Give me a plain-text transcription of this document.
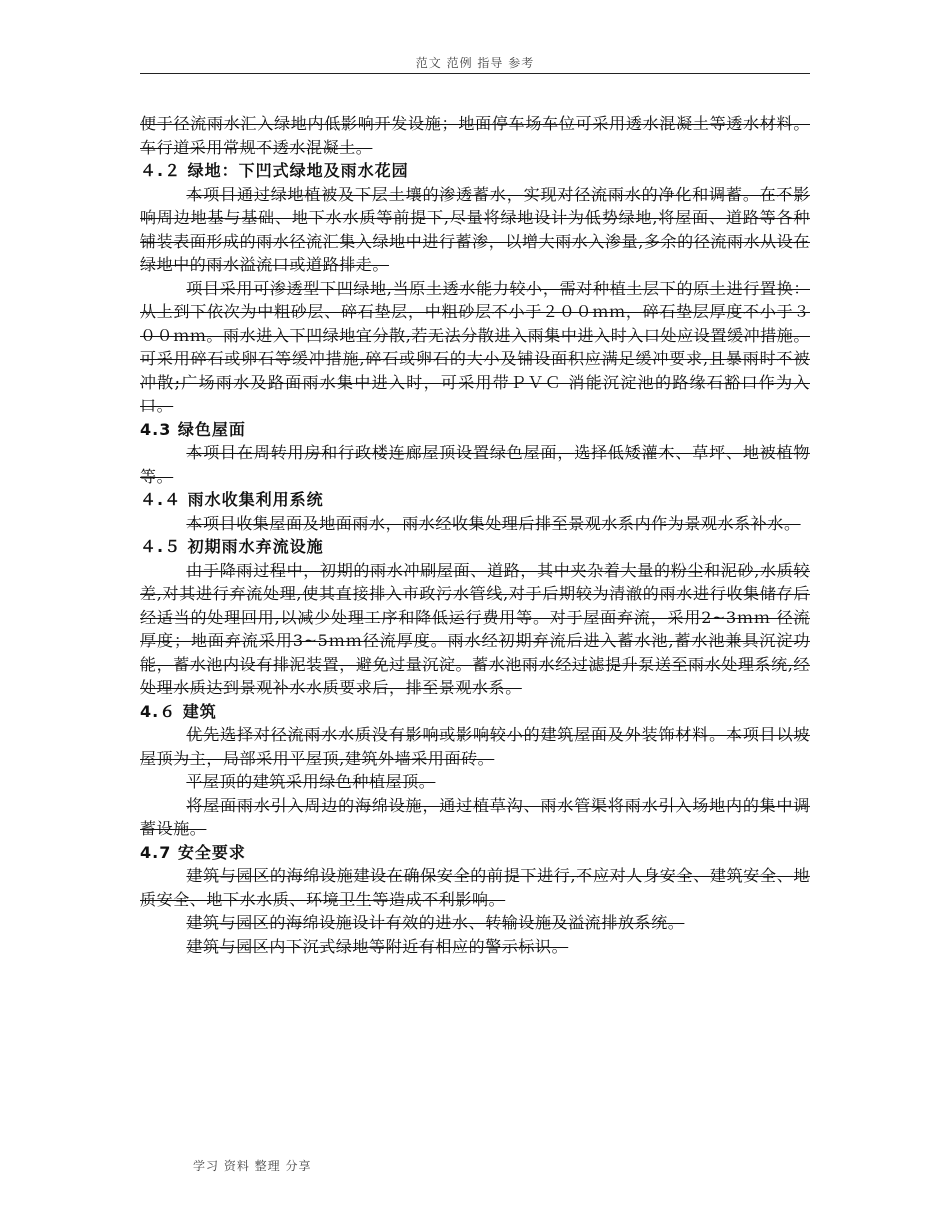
范文 范例 指导 参考
便于径流雨水汇入绿地内低影响开发设施；地面停车场车位可采用透水混凝土等透水材料。车行道采用常规不透水混凝土。
４.２ 绿地：下凹式绿地及雨水花园
本项目通过绿地植被及下层土壤的渗透蓄水，实现对径流雨水的净化和调蓄。在不影响周边地基与基础、地下水水质等前提下,尽量将绿地设计为低势绿地,将屋面、道路等各种铺装表面形成的雨水径流汇集入绿地中进行蓄渗，以增大雨水入渗量,多余的径流雨水从设在绿地中的雨水溢流口或道路排走。
项目采用可渗透型下凹绿地,当原土透水能力较小，需对种植土层下的原土进行置换：从上到下依次为中粗砂层、碎石垫层，中粗砂层不小于２００ｍｍ，碎石垫层厚度不小于３００ｍｍ。雨水进入下凹绿地宜分散,若无法分散进入雨集中进入时入口处应设置缓冲措施。可采用碎石或卵石等缓冲措施,碎石或卵石的大小及铺设面积应满足缓冲要求,且暴雨时不被冲散;广场雨水及路面雨水集中进入时，可采用带ＰＶＣ 消能沉淀池的路缘石豁口作为入口。
4.3 绿色屋面
本项目在周转用房和行政楼连廊屋顶设置绿色屋面，选择低矮灌木、草坪、地被植物等。
４.４ 雨水收集利用系统
本项目收集屋面及地面雨水，雨水经收集处理后排至景观水系内作为景观水系补水。
４.５ 初期雨水弃流设施
由于降雨过程中，初期的雨水冲刷屋面、道路，其中夹杂着大量的粉尘和泥砂,水质较差,对其进行弃流处理,使其直接排入市政污水管线,对于后期较为清澈的雨水进行收集储存后经适当的处理回用,以减少处理工序和降低运行费用等。对于屋面弃流，采用2~3ｍｍ 径流厚度；地面弃流采用3~5ｍｍ径流厚度。雨水经初期弃流后进入蓄水池,蓄水池兼具沉淀功能，蓄水池内设有排泥装置，避免过量沉淀。蓄水池雨水经过滤提升泵送至雨水处理系统,经处理水质达到景观补水水质要求后，排至景观水系。
4.６ 建筑
优先选择对径流雨水水质没有影响或影响较小的建筑屋面及外装饰材料。本项目以坡屋顶为主，局部采用平屋顶,建筑外墙采用面砖。
平屋顶的建筑采用绿色种植屋顶。
将屋面雨水引入周边的海绵设施，通过植草沟、雨水管渠将雨水引入场地内的集中调蓄设施。
4.7 安全要求
建筑与园区的海绵设施建设在确保安全的前提下进行,不应对人身安全、建筑安全、地质安全、地下水水质、环境卫生等造成不利影响。
建筑与园区的海绵设施设计有效的进水、转输设施及溢流排放系统。
建筑与园区内下沉式绿地等附近有相应的警示标识。
学习 资料 整理 分享
